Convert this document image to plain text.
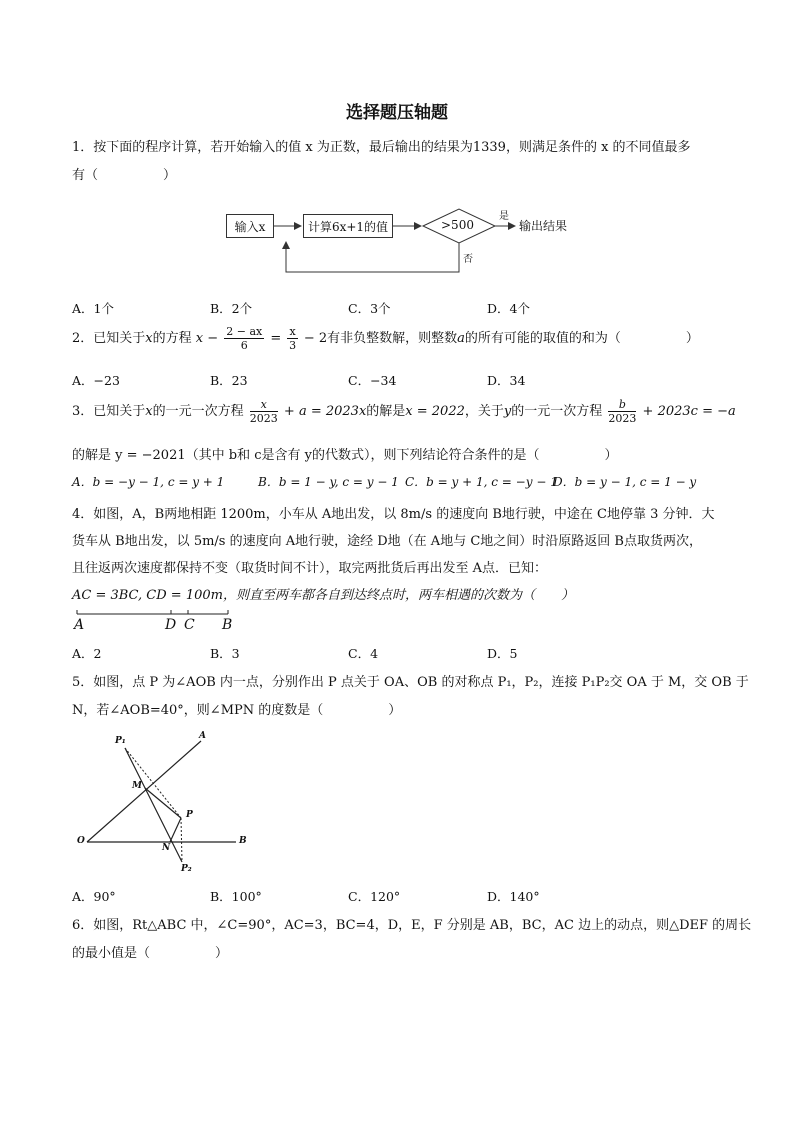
选择题压轴题
1．按下面的程序计算，若开始输入的值 x 为正数，最后输出的结果为1339，则满足条件的 x 的不同值最多
有（　　　　　）
输入x	计算6x+1的值	>500
是
输出结果
否
A．1个	B．2个	C．3个	D．4个
2．已知关于x的方程 $x - \frac{2 - ax}{6} = \frac{x}{3} - 2$有非负整数解，则整数a的所有可能的取值的和为（　　　　　）
A．−23	B．23	C．−34	D．34
3．已知关于x的一元一次方程 $\frac{x}{2023} + a = 2023x$的解是x = 2022，关于y的一元一次方程 $\frac{b}{2023} + 2023c = -a$
的解是 y = −2021（其中 b和 c是含有 y的代数式），则下列结论符合条件的是（　　　　　）
A．b = −y − 1, c = y + 1	B．b = 1 − y, c = y − 1 C．b = y + 1, c = −y − 1
D．b = y − 1, c = 1 − y
4．如图，A，B两地相距 1200m，小车从 A地出发，以 8m/s 的速度向 B地行驶，中途在 C地停靠 3 分钟．大
货车从 B地出发，以 5m/s 的速度向 A地行驶，途经 D地（在 A地与 C地之间）时沿原路返回 B点取货两次，
且往返两次速度都保持不变（取货时间不计），取完两批货后再出发至 A点．已知：
AC = 3BC, CD = 100m，则直至两车都各自到达终点时，两车相遇的次数为（　　）
A	D C B
A．2	B．3	C．4	D．5
5．如图，点 P 为∠AOB 内一点，分别作出 P 点关于 OA、OB 的对称点 P₁，P₂，连接 P₁P₂交 OA 于 M，交 OB 于
N，若∠AOB=40°，则∠MPN 的度数是（　　　　　）
P₁	A
M
P
O
N
B
P₂
A．90°	B．100°	C．120°	D．140°
6．如图，Rt△ABC 中，∠C=90°，AC=3，BC=4，D，E，F 分别是 AB，BC，AC 边上的动点，则△DEF 的周长
的最小值是（　　　　　）
